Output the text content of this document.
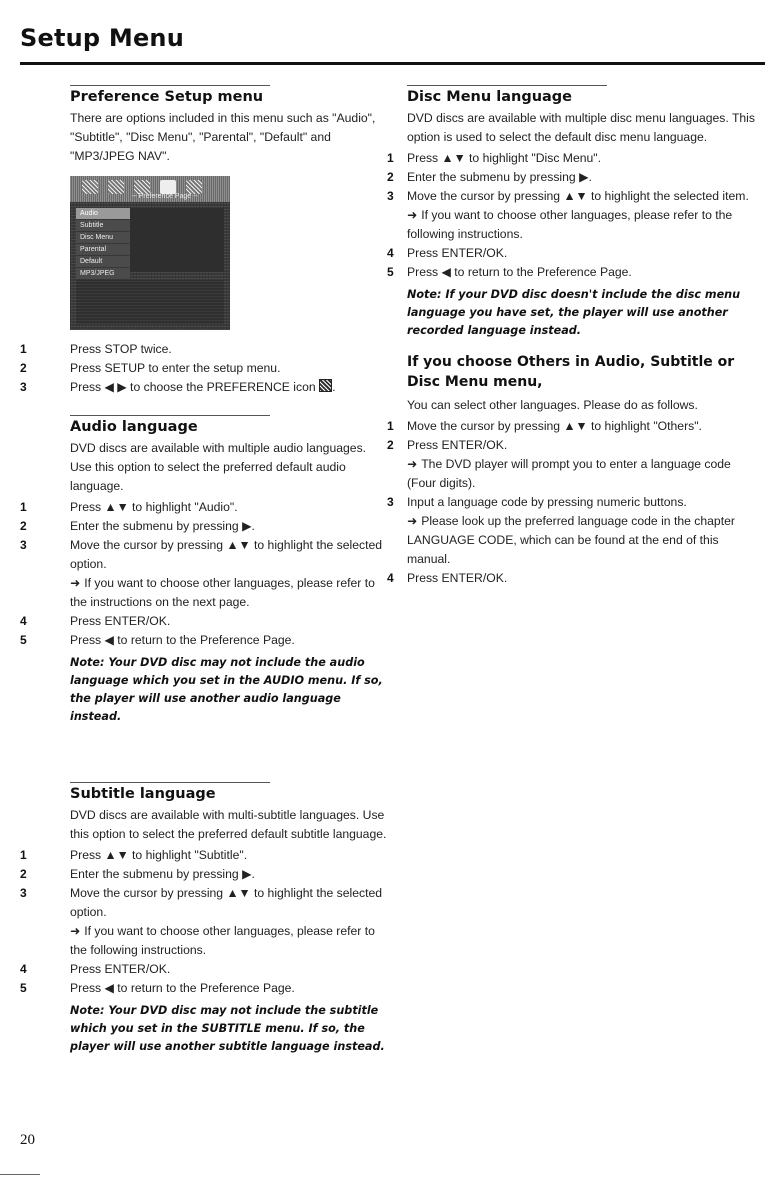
Setup Menu
Preference Setup menu

There are options included in this menu such as "Audio", "Subtitle", "Disc Menu", "Parental", "Default" and "MP3/JPEG NAV".

-- Preference Page --
Audio
Subtitle
Disc Menu
Parental
Default
MP3/JPEG
1	Press STOP twice.
2	Press SETUP to enter the setup menu.
3	Press ◀ ▶ to choose the PREFERENCE icon .
Audio language

DVD discs are available with multiple audio languages. Use this option to select the preferred default audio language.

1	Press ▲▼ to highlight "Audio".
2	Enter the submenu by pressing ▶.
3	Move the cursor by pressing ▲▼ to highlight the selected option.
➜ If you want to choose other languages, please refer to the instructions on the next page.
4	Press ENTER/OK.
5	Press ◀ to return to the Preference Page.

Note: Your DVD disc may not include the audio language which you set in the AUDIO menu. If so, the player will use another audio language instead.

Subtitle language

DVD discs are available with multi-subtitle languages. Use this option to select the preferred default subtitle language.

1	Press ▲▼ to highlight "Subtitle".
2	Enter the submenu by pressing ▶.
3	Move the cursor by pressing ▲▼ to highlight the selected option.
➜ If you want to choose other languages, please refer to the following instructions.
4	Press ENTER/OK.
5	Press ◀ to return to the Preference Page.

Note: Your DVD disc may not include the subtitle which you set in the SUBTITLE menu. If so, the player will use another subtitle language instead.

Disc Menu language

DVD discs are available with multiple disc menu languages. This option is used to select the default disc menu language.

1 Press ▲▼ to highlight "Disc Menu".
2 Enter the submenu by pressing ▶.
3 Move the cursor by pressing ▲▼ to highlight the selected item.
➜ If you want to choose other languages, please refer to the following instructions.
4 Press ENTER/OK.
5 Press ◀ to return to the Preference Page.

Note: If your DVD disc doesn't include the disc menu language you have set, the player will use another recorded language instead.

If you choose Others in Audio, Subtitle or Disc Menu menu,

You can select other languages. Please do as follows.

1 Move the cursor by pressing ▲▼ to highlight "Others".
2 Press ENTER/OK.
➜ The DVD player will prompt you to enter a language code (Four digits).
3 Input a language code by pressing numeric buttons.
➜ Please look up the preferred language code in the chapter LANGUAGE CODE, which can be found at the end of this manual.
4 Press ENTER/OK.
20
